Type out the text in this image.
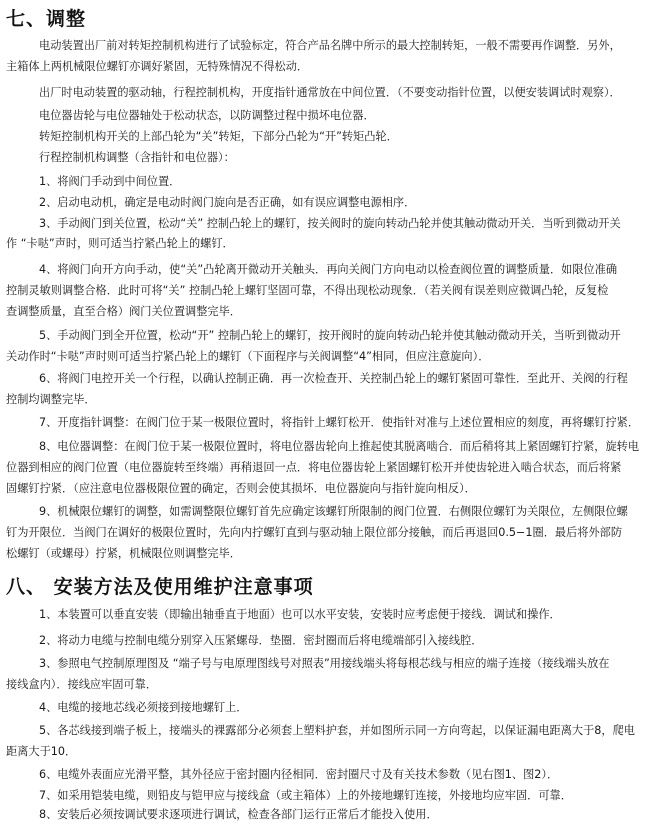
七、调整
电动装置出厂前对转矩控制机构进行了试验标定，符合产品名牌中所示的最大控制转矩，一般不需要再作调整．另外，
主箱体上两机械限位螺钉亦调好紧固，无特殊情况不得松动．
出厂时电动装置的驱动轴，行程控制机构，开度指针通常放在中间位置．（不要变动指针位置，以便安装调试时观察）．
电位器齿轮与电位器轴处于松动状态，以防调整过程中损坏电位器．
转矩控制机构开关的上部凸轮为“关”转矩，下部分凸轮为“开”转矩凸轮．
行程控制机构调整（含指针和电位器）：
1、将阀门手动到中间位置．
2、启动电动机，确定是电动时阀门旋向是否正确，如有误应调整电源相序．
3、手动阀门到关位置，松动“关” 控制凸轮上的螺钉，按关阀时的旋向转动凸轮并使其触动微动开关．当听到微动开关
作 “卡哒”声时，则可适当拧紧凸轮上的螺钉．
4、将阀门向开方向手动，使“关”凸轮离开微动开关触头．再向关阀门方向电动以检查阀位置的调整质量．如限位准确
控制灵敏则调整合格．此时可将“关” 控制凸轮上螺钉坚固可靠，不得出现松动现象．（若关阀有误差则应微调凸轮，反复检
查调整质量，直至合格）阀门关位置调整完毕．
5、手动阀门到全开位置，松动“开” 控制凸轮上的螺钉，按开阀时的旋向转动凸轮并使其触动微动开关，当听到微动开
关动作时“卡哒”声时则可适当拧紧凸轮上的螺钉（下面程序与关阀调整“4”相同，但应注意旋向）．
6、将阀门电控开关一个行程，以确认控制正确．再一次检查开、关控制凸轮上的螺钉紧固可靠性．至此开、关阀的行程
控制均调整完毕．
7、开度指针调整：在阀门位于某一极限位置时，将指针上螺钉松开．使指针对准与上述位置相应的刻度，再将螺钉拧紧．
8、电位器调整：在阀门位于某一极限位置时，将电位器齿轮向上推起使其脱离啮合．而后稍将其上紧固螺钉拧紧，旋转电
位器到相应的阀门位置（电位器旋转至终端）再稍退回一点．将电位器齿轮上紧固螺钉松开并使齿轮进入啮合状态，而后将紧
固螺钉拧紧．（应注意电位器极限位置的确定，否则会使其损坏．电位器旋向与指针旋向相反）．
9、机械限位螺钉的调整，如需调整限位螺钉首先应确定该螺钉所限制的阀门位置．右侧限位螺钉为关限位，左侧限位螺
钉为开限位．当阀门在调好的极限位置时，先向内拧螺钉直到与驱动轴上限位部分接触，而后再退回0.5−1圈．最后将外部防
松螺钉（或螺母）拧紧，机械限位则调整完毕．
八、 安装方法及使用维护注意事项
1、本装置可以垂直安装（即输出轴垂直于地面）也可以水平安装，安装时应考虑便于接线．调试和操作．
2、将动力电缆与控制电缆分别穿入压紧螺母．垫圈．密封圈而后将电缆端部引入接线腔．
3、参照电气控制原理图及 “端子号与电原理图线号对照表”用接线端头将每根芯线与相应的端子连接（接线端头放在
接线盒内）．接线应牢固可靠．
4、电缆的接地芯线必须接到接地螺钉上．
5、各芯线接到端子板上，接端头的裸露部分必须套上塑料护套，并如图所示同一方向弯起，以保证漏电距离大于8，爬电
距离大于10．
6、电缆外表面应光滑平整，其外径应于密封圈内径相同．密封圈尺寸及有关技术参数（见右图1、图2）．
7、如采用铠装电缆，则铅皮与铠甲应与接线盒（或主箱体）上的外接地螺钉连接，外接地均应牢固．可靠．
8、安装后必须按调试要求逐项进行调试，检查各部门运行正常后才能投入使用．
